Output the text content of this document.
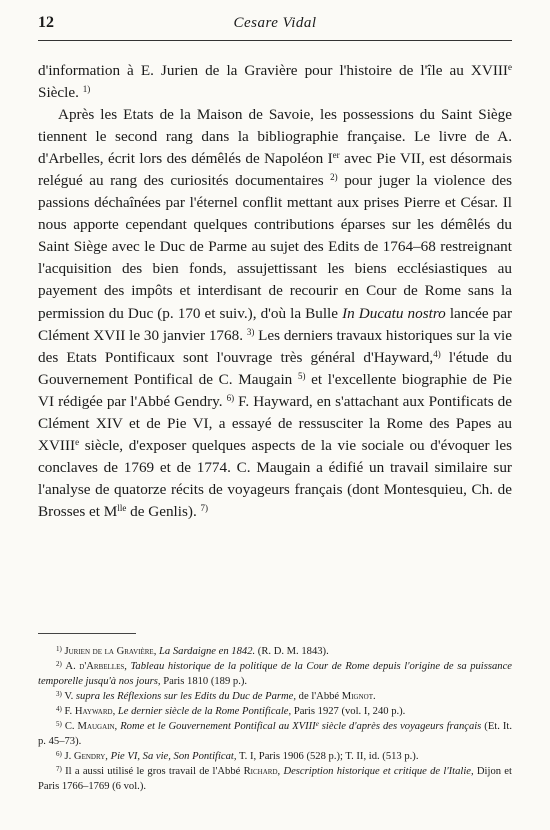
12	Cesare Vidal

d'information à E. Jurien de la Gravière pour l'histoire de l'île au XVIIIe Siècle. $^{1)}$

Après les Etats de la Maison de Savoie, les possessions du Saint Siège tiennent le second rang dans la bibliographie française. Le livre de A. d'Arbelles, écrit lors des démêlés de Napoléon Ier avec Pie VII, est désormais relégué au rang des curiosités documentaires $^{2)}$ pour juger la violence des passions déchaînées par l'éternel conflit mettant aux prises Pierre et César. Il nous apporte cependant quelques contributions éparses sur les démêlés du Saint Siège avec le Duc de Parme au sujet des Edits de 1764–68 restreignant l'acquisition des bien fonds, assujettissant les biens ecclésiastiques au payement des impôts et interdisant de recourir en Cour de Rome sans la permission du Duc (p. 170 et suiv.), d'où la Bulle In Ducatu nostro lancée par Clément XVII le 30 janvier 1768. $^{3)}$ Les derniers travaux historiques sur la vie des Etats Pontificaux sont l'ouvrage très général d'Hayward,$^{4)}$ l'étude du Gouvernement Pontifical de C. Maugain $^{5)}$ et l'excellente biographie de Pie VI rédigée par l'Abbé Gendry. $^{6)}$ F. Hayward, en s'attachant aux Pontificats de Clément XIV et de Pie VI, a essayé de ressusciter la Rome des Papes au XVIIIe siècle, d'exposer quelques aspects de la vie sociale ou d'évoquer les conclaves de 1769 et de 1774. C. Maugain a édifié un travail similaire sur l'analyse de quatorze récits de voyageurs français (dont Montesquieu, Ch. de Brosses et $M^{lle}$ de Genlis). $^{7)}$

$^{1)}$ Jurien de la Gravière, La Sardaigne en 1842. (R. D. M. 1843).

$^{2)}$ A. d'Arbelles, Tableau historique de la politique de la Cour de Rome depuis l'origine de sa puissance temporelle jusqu'à nos jours, Paris 1810 (189 p.).

$^{3)}$ V. supra les Réflexions sur les Edits du Duc de Parme, de l'Abbé Mignot.

$^{4)}$ F. Hayward, Le dernier siècle de la Rome Pontificale, Paris 1927 (vol. I, 240 p.).

$^{5)}$ C. Maugain, Rome et le Gouvernement Pontifical au XVIIIe siècle d'après des voyageurs français (Et. It. p. 45–73).

$^{6)}$ J. Gendry, Pie VI, Sa vie, Son Pontificat, T. I, Paris 1906 (528 p.); T. II, id. (513 p.).

$^{7)}$ Il a aussi utilisé le gros travail de l'Abbé Richard, Description historique et critique de l'Italie, Dijon et Paris 1766–1769 (6 vol.).
